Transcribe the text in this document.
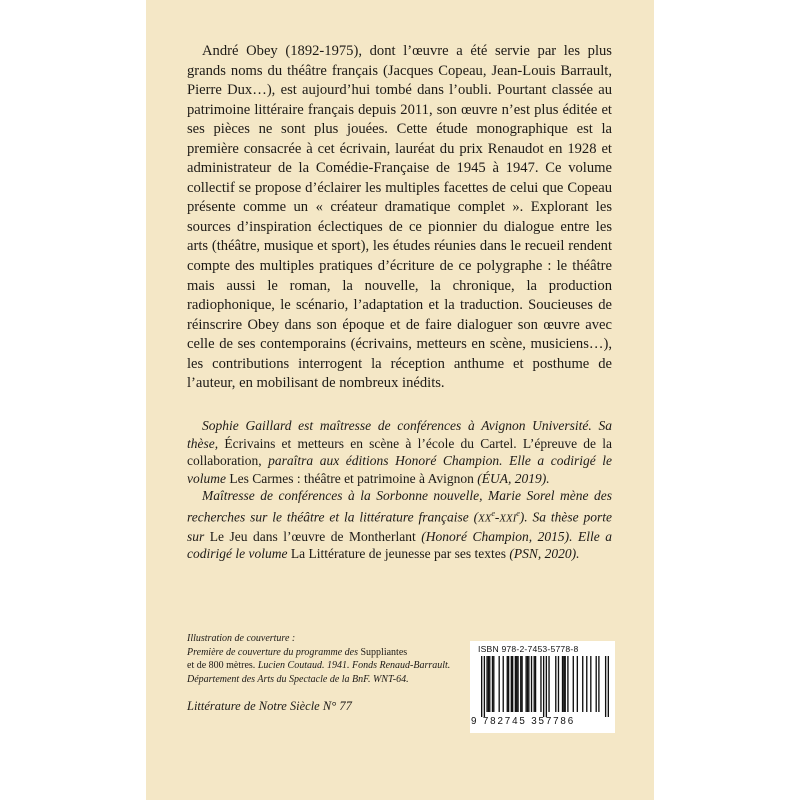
André Obey (1892-1975), dont l’œuvre a été servie par les plus grands noms du théâtre français (Jacques Copeau, Jean-Louis Barrault, Pierre Dux…), est aujourd’hui tombé dans l’oubli. Pourtant classée au patrimoine littéraire français depuis 2011, son œuvre n’est plus éditée et ses pièces ne sont plus jouées. Cette étude monographique est la première consacrée à cet écrivain, lauréat du prix Renaudot en 1928 et administrateur de la Comédie-Française de 1945 à 1947. Ce volume collectif se propose d’éclairer les multiples facettes de celui que Copeau présente comme un « créateur dramatique complet ». Explorant les sources d’inspiration éclectiques de ce pionnier du dialogue entre les arts (théâtre, musique et sport), les études réunies dans le recueil rendent compte des multiples pratiques d’écriture de ce polygraphe : le théâtre mais aussi le roman, la nouvelle, la chronique, la production radiophonique, le scénario, l’adaptation et la traduction. Soucieuses de réinscrire Obey dans son époque et de faire dialoguer son œuvre avec celle de ses contemporains (écrivains, metteurs en scène, musiciens…), les contributions interrogent la réception anthume et posthume de l’auteur, en mobilisant de nombreux inédits.

Sophie Gaillard est maîtresse de conférences à Avignon Université. Sa thèse, Écrivains et metteurs en scène à l’école du Cartel. L’épreuve de la collaboration, paraîtra aux éditions Honoré Champion. Elle a codirigé le volume Les Carmes : théâtre et patrimoine à Avignon (ÉUA, 2019).

Maîtresse de conférences à la Sorbonne nouvelle, Marie Sorel mène des recherches sur le théâtre et la littérature française (XXe-XXIe). Sa thèse porte sur Le Jeu dans l’œuvre de Montherlant (Honoré Champion, 2015). Elle a codirigé le volume La Littérature de jeunesse par ses textes (PSN, 2020).

Illustration de couverture :

Première de couverture du programme des Suppliantes

et de 800 mètres. Lucien Coutaud. 1941. Fonds Renaud-Barrault.

Département des Arts du Spectacle de la BnF. WNT-64.

Littérature de Notre Siècle N° 77
ISBN 978-2-7453-5778-8
9 782745 357786
